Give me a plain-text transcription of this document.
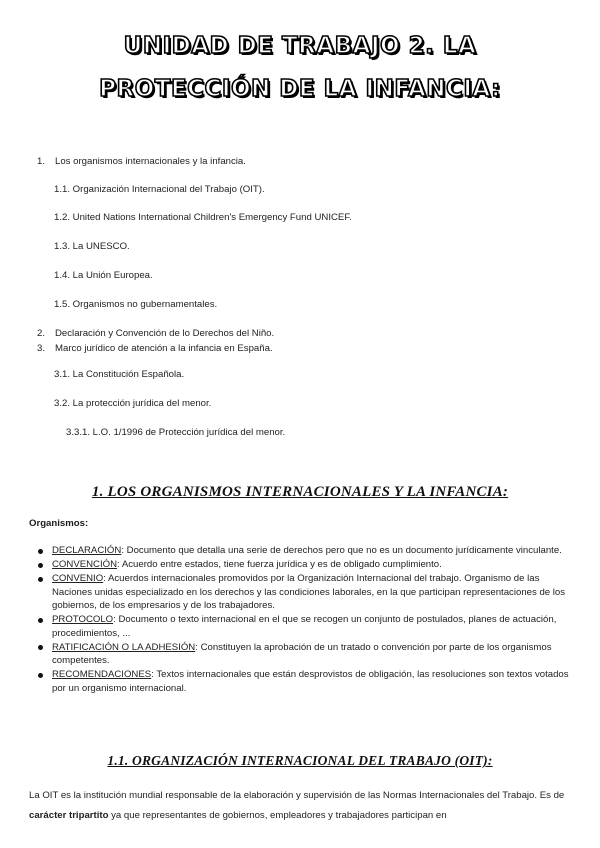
UNIDAD DE TRABAJO 2. LA
PROTECCIÓN DE LA INFANCIA:
1. Los organismos internacionales y la infancia.
1.1. Organización Internacional del Trabajo (OIT).
1.2. United Nations International Children's Emergency Fund UNICEF.
1.3. La UNESCO.
1.4. La Unión Europea.
1.5. Organismos no gubernamentales.
2. Declaración y Convención de lo Derechos del Niño.
3. Marco jurídico de atención a la infancia en España.
3.1. La Constitución Española.
3.2. La protección jurídica del menor.
3.3.1. L.O. 1/1996 de Protección jurídica del menor.
1. LOS ORGANISMOS INTERNACIONALES Y LA INFANCIA:
Organismos:
DECLARACIÓN: Documento que detalla una serie de derechos pero que no es un documento jurídicamente vinculante.
CONVENCIÓN: Acuerdo entre estados, tiene fuerza jurídica y es de obligado cumplimiento.
CONVENIO: Acuerdos internacionales promovidos por la Organización Internacional del trabajo. Organismo de las Naciones unidas especializado en los derechos y las condiciones laborales, en la que participan representaciones de los gobiernos, de los empresarios y de los trabajadores.
PROTOCOLO: Documento o texto internacional en el que se recogen un conjunto de postulados, planes de actuación, procedimientos, ...
RATIFICACIÓN O LA ADHESIÓN: Constituyen la aprobación de un tratado o convención por parte de los organismos competentes.
RECOMENDACIONES: Textos internacionales que están desprovistos de obligación, las resoluciones son textos votados por un organismo internacional.
1.1. ORGANIZACIÓN INTERNACIONAL DEL TRABAJO (OIT):
La OIT es la institución mundial responsable de la elaboración y supervisión de las Normas Internacionales del Trabajo. Es de carácter tripartito ya que representantes de gobiernos, empleadores y trabajadores participan en
